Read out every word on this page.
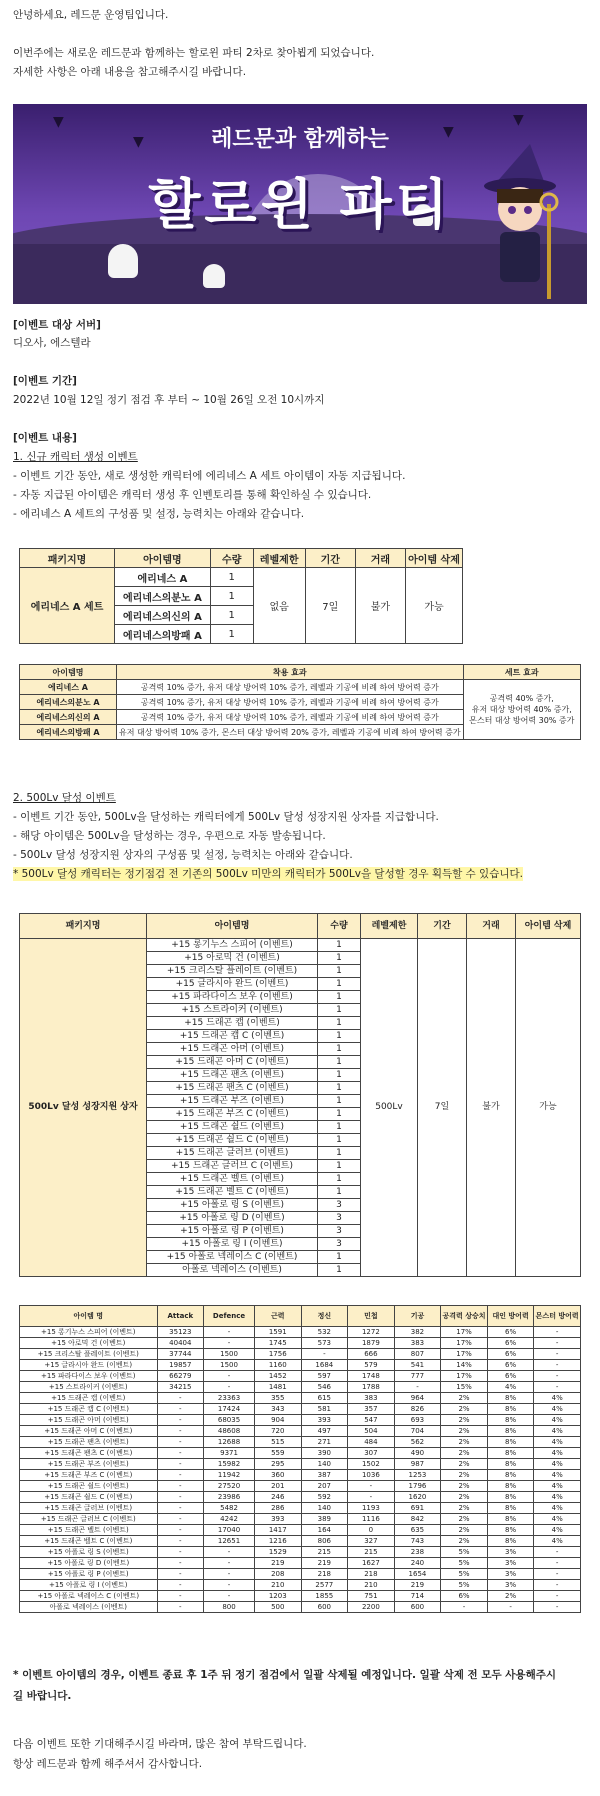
안녕하세요, 레드문 운영팀입니다.
이번주에는 새로운 레드문과 함께하는 할로윈 파티 2차로 찾아뵙게 되었습니다.
자세한 사항은 아래 내용을 참고해주시길 바랍니다.
▼
▼
▼
▼
레드문과 함께하는
할로윈 파티
[이벤트 대상 서버]
디오사, 에스텔라
[이벤트 기간]
2022년 10월 12일 정기 점검 후 부터 ~ 10월 26일 오전 10시까지
[이벤트 내용]
1. 신규 캐릭터 생성 이벤트
- 이벤트 기간 동안, 새로 생성한 캐릭터에 에리네스 A 세트 아이템이 자동 지급됩니다.
- 자동 지급된 아이템은 캐릭터 생성 후 인벤토리를 통해 확인하실 수 있습니다.
- 에리네스 A 세트의 구성품 및 설정, 능력치는 아래와 같습니다.
패키지명	아이템명	수량	레벨제한	기간	거래	아이템 삭제
에리네스 A 세트	에리네스 A	1	없음	7일	불가	가능
	에리네스의분노 A	1				
	에리네스의신의 A	1				
	에리네스의방패 A	1				
아이템명	착용 효과	세트 효과
에리네스 A	공격력 10% 증가, 유저 대상 방어력 10% 증가, 레벨과 기공에 비례 하여 방어력 증가	공격력 40% 증가,
유저 대상 방어력 40% 증가,
몬스터 대상 방어력 30% 증가

에리네스의분노 A	공격력 10% 증가, 유저 대상 방어력 10% 증가, 레벨과 기공에 비례 하여 방어력 증가	
에리네스의신의 A	공격력 10% 증가, 유저 대상 방어력 10% 증가, 레벨과 기공에 비례 하여 방어력 증가	
에리네스의방패 A	유저 대상 방어력 10% 증가, 몬스터 대상 방어력 20% 증가, 레벨과 기공에 비례 하여 방어력 증가	
2. 500Lv 달성 이벤트
- 이벤트 기간 동안, 500Lv을 달성하는 캐릭터에게 500Lv 달성 성장지원 상자를 지급합니다.
- 해당 아이템은 500Lv을 달성하는 경우, 우편으로 자동 발송됩니다.
- 500Lv 달성 성장지원 상자의 구성품 및 설정, 능력치는 아래와 같습니다.
* 500Lv 달성 캐릭터는 정기점검 전 기존의 500Lv 미만의 캐릭터가 500Lv을 달성할 경우 획득할 수 있습니다.
패키지명	아이템명	수량	레벨제한	기간	거래	아이템 삭제
500Lv 달성 성장지원 상자	+15 롱기누스 스피어 (이벤트)	1	500Lv	7일	불가	가능
	+15 아로믹 건 (이벤트)	1				
	+15 크리스탈 플레이트 (이벤트)	1				
	+15 글라시아 완드 (이벤트)	1				
	+15 파라다이스 보우 (이벤트)	1				
	+15 스트라이커 (이벤트)	1				
	+15 드래곤 캡 (이벤트)	1				
	+15 드래곤 캡 C (이벤트)	1				
	+15 드래곤 아머 (이벤트)	1				
	+15 드래곤 아머 C (이벤트)	1				
	+15 드래곤 팬츠 (이벤트)	1				
	+15 드래곤 팬츠 C (이벤트)	1				
	+15 드래곤 부즈 (이벤트)	1				
	+15 드래곤 부즈 C (이벤트)	1				
	+15 드래곤 쉴드 (이벤트)	1				
	+15 드래곤 쉴드 C (이벤트)	1				
	+15 드래곤 글러브 (이벤트)	1				
	+15 드래곤 글러브 C (이벤트)	1				
	+15 드래곤 벨트 (이벤트)	1				
	+15 드래곤 벨트 C (이벤트)	1				
	+15 아폴로 링 S (이벤트)	3				
	+15 아폴로 링 D (이벤트)	3				
	+15 아폴로 링 P (이벤트)	3				
	+15 아폴로 링 I (이벤트)	3				
	+15 아폴로 넥레이스 C (이벤트)	1				
	아폴로 넥레이스 (이벤트)	1				
아이템 명	Attack	Defence	근력	정신	민첩	기공	공격력 상승치	대인 방어력	몬스터 방어력
+15 롱기누스 스피어 (이벤트)	35123	-	1591	532	1272	382	17%	6%	-
+15 아로믹 건 (이벤트)	40404	-	1745	573	1879	383	17%	6%	-
+15 크리스탈 플레이트 (이벤트)	37744	1500	1756	-	666	807	17%	6%	-
+15 글라시아 완드 (이벤트)	19857	1500	1160	1684	579	541	14%	6%	-
+15 파라다이스 보우 (이벤트)	66279	-	1452	597	1748	777	17%	6%	-
+15 스트라이커 (이벤트)	34215	-	1481	546	1788	-	15%	4%	-
+15 드래곤 캡 (이벤트)	-	23363	355	615	383	964	2%	8%	4%
+15 드래곤 캡 C (이벤트)	-	17424	343	581	357	826	2%	8%	4%
+15 드래곤 아머 (이벤트)	-	68035	904	393	547	693	2%	8%	4%
+15 드래곤 아머 C (이벤트)	-	48608	720	497	504	704	2%	8%	4%
+15 드래곤 팬츠 (이벤트)	-	12688	515	271	484	562	2%	8%	4%
+15 드래곤 팬츠 C (이벤트)	-	9371	559	390	307	490	2%	8%	4%
+15 드래곤 부즈 (이벤트)	-	15982	295	140	1502	987	2%	8%	4%
+15 드래곤 부즈 C (이벤트)	-	11942	360	387	1036	1253	2%	8%	4%
+15 드래곤 쉴드 (이벤트)	-	27520	201	207	-	1796	2%	8%	4%
+15 드래곤 쉴드 C (이벤트)	-	23986	246	592	-	1620	2%	8%	4%
+15 드래곤 글러브 (이벤트)	-	5482	286	140	1193	691	2%	8%	4%
+15 드래곤 글러브 C (이벤트)	-	4242	393	389	1116	842	2%	8%	4%
+15 드래곤 벨트 (이벤트)	-	17040	1417	164	0	635	2%	8%	4%
+15 드래곤 벨트 C (이벤트)	-	12651	1216	806	327	743	2%	8%	4%
+15 아폴로 링 S (이벤트)	-	-	1529	215	215	238	5%	3%	-
+15 아폴로 링 D (이벤트)	-	-	219	219	1627	240	5%	3%	-
+15 아폴로 링 P (이벤트)	-	-	208	218	218	1654	5%	3%	-
+15 아폴로 링 I (이벤트)	-	-	210	2577	210	219	5%	3%	-
+15 아폴로 넥레이스 C (이벤트)	-	-	1203	1855	751	714	6%	2%	-
아폴로 넥레이스 (이벤트)	-	800	500	600	2200	600	-	-	-
* 이벤트 아이템의 경우, 이벤트 종료 후 1주 뒤 정기 점검에서 일괄 삭제될 예정입니다. 일괄 삭제 전 모두 사용해주시
길 바랍니다.
다음 이벤트 또한 기대해주시길 바라며, 많은 참여 부탁드립니다.
항상 레드문과 함께 해주셔서 감사합니다.
